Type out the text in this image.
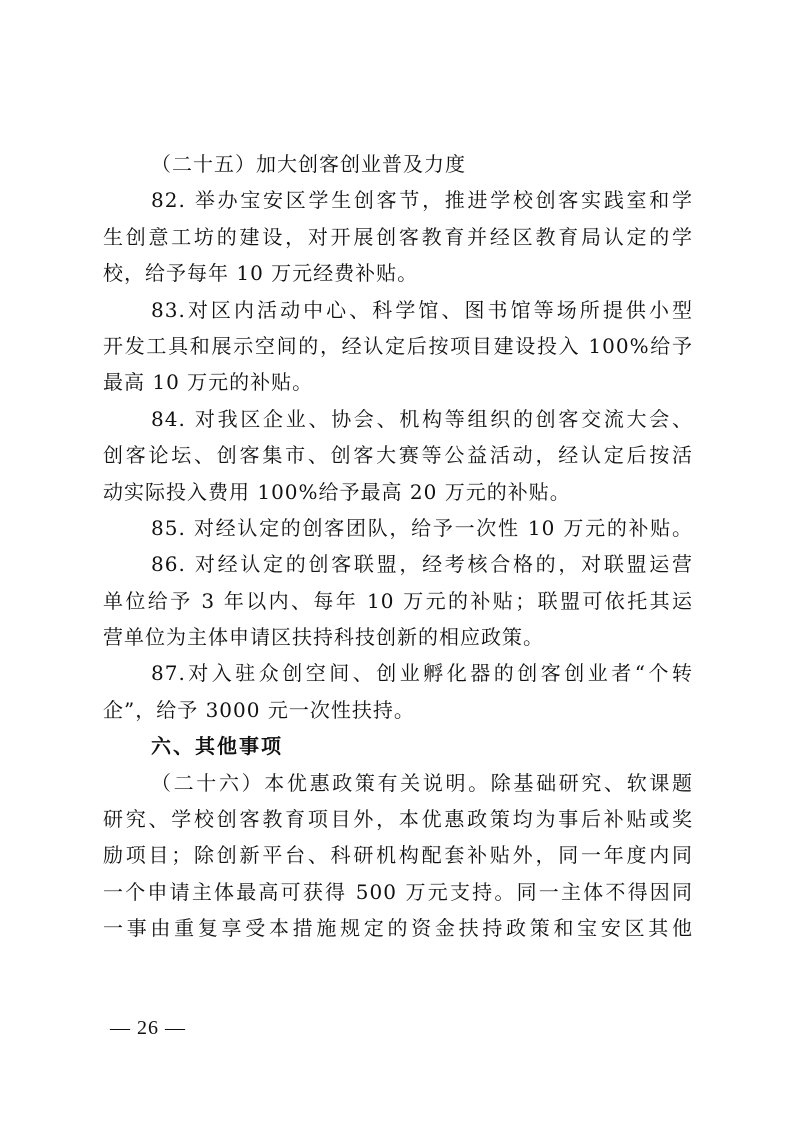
（二十五）加大创客创业普及力度
82. 举办宝安区学生创客节，推进学校创客实践室和学
生创意工坊的建设，对开展创客教育并经区教育局认定的学
校，给予每年 10 万元经费补贴。
83.对区内活动中心、科学馆、图书馆等场所提供小型
开发工具和展示空间的，经认定后按项目建设投入 100%给予
最高 10 万元的补贴。
84. 对我区企业、协会、机构等组织的创客交流大会、
创客论坛、创客集市、创客大赛等公益活动，经认定后按活
动实际投入费用 100%给予最高 20 万元的补贴。
85. 对经认定的创客团队，给予一次性 10 万元的补贴。
86. 对经认定的创客联盟，经考核合格的，对联盟运营
单位给予 3 年以内、每年 10 万元的补贴；联盟可依托其运
营单位为主体申请区扶持科技创新的相应政策。
87.对入驻众创空间、创业孵化器的创客创业者“个转
企”，给予 3000 元一次性扶持。
六、其他事项
（二十六）本优惠政策有关说明。除基础研究、软课题
研究、学校创客教育项目外，本优惠政策均为事后补贴或奖
励项目；除创新平台、科研机构配套补贴外，同一年度内同
一个申请主体最高可获得 500 万元支持。同一主体不得因同
一事由重复享受本措施规定的资金扶持政策和宝安区其他
— 26 —
